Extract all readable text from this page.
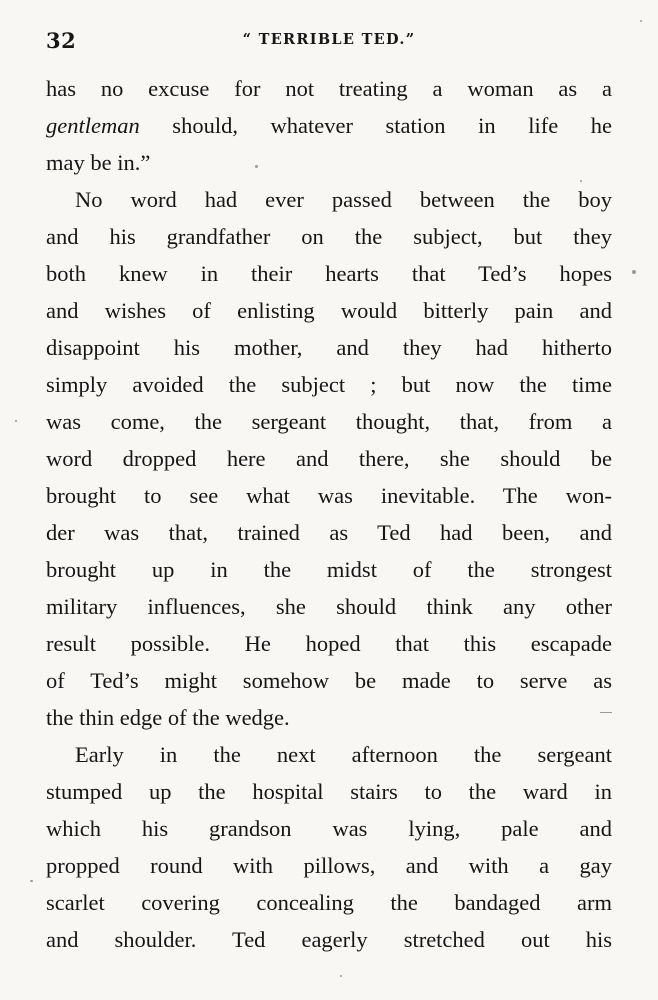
32	“ TERRIBLE TED.”
has no excuse for not treating a woman as a
gentleman should, whatever station in life he
may be in.”
No word had ever passed between the boy
and his grandfather on the subject, but they
both knew in their hearts that Ted’s hopes
and wishes of enlisting would bitterly pain and
disappoint his mother, and they had hitherto
simply avoided the subject ; but now the time
was come, the sergeant thought, that, from a
word dropped here and there, she should be
brought to see what was inevitable. The won-
der was that, trained as Ted had been, and
brought up in the midst of the strongest
military influences, she should think any other
result possible. He hoped that this escapade
of Ted’s might somehow be made to serve as
the thin edge of the wedge.
Early in the next afternoon the sergeant
stumped up the hospital stairs to the ward in
which his grandson was lying, pale and
propped round with pillows, and with a gay
scarlet covering concealing the bandaged arm
and shoulder. Ted eagerly stretched out his
